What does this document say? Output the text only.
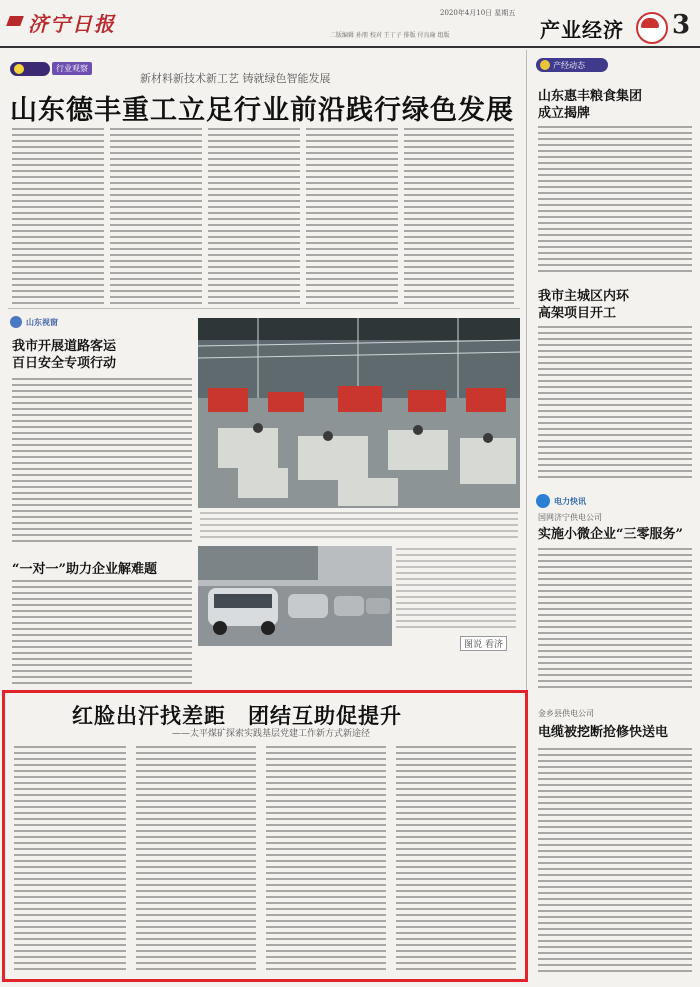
济宁日报	2020年4月10日 星期五
二版编辑 孙朋 校对 王丁子 排版 付良瑜 组版	产业经济 3
行业观察
新材料新技术新工艺 铸就绿色智能发展
山东德丰重工立足行业前沿践行绿色发展
山东视窗
我市开展道路客运
百日安全专项行动
“一对一”助力企业解难题
图说 看济
红脸出汗找差距　团结互助促提升
——太平煤矿探索实践基层党建工作新方式新途径
产经动态
山东惠丰粮食集团
成立揭牌
我市主城区内环
高架项目开工
电力快讯
国网济宁供电公司
实施小微企业“三零服务”
金乡县供电公司
电缆被挖断抢修快送电
